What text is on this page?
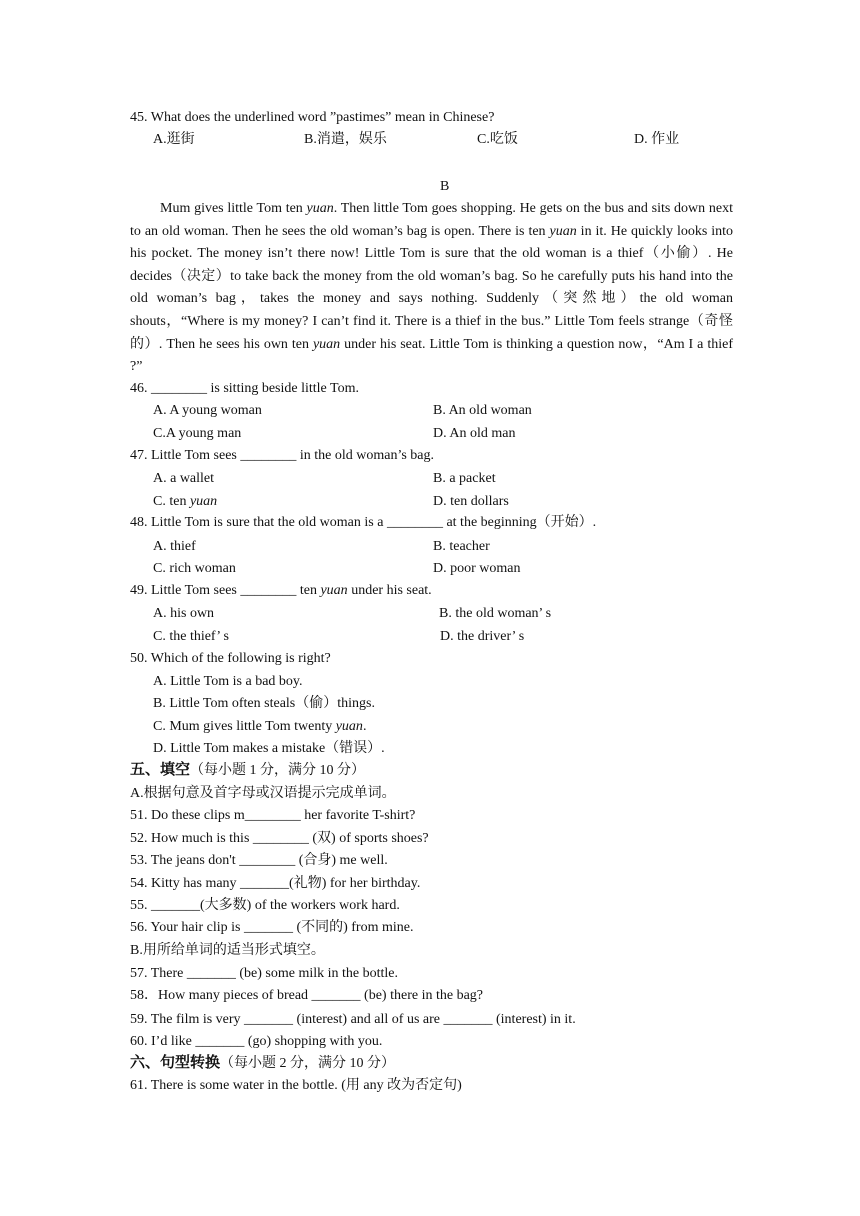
45. What does the underlined word ”pastimes” mean in Chinese?
A.逛街	B.消遣，娱乐	C.吃饭	D. 作业
B
Mum gives little Tom ten yuan. Then little Tom goes shopping. He gets on the bus and sits down next to an old woman. Then he sees the old woman’s bag is open. There is ten yuan in it. He quickly looks into his pocket. The money isn’t there now! Little Tom is sure that the old woman is a thief（小偷）. He decides（决定）to take back the money from the old woman’s bag. So he carefully puts his hand into the old woman’s bag，takes the money and says nothing. Suddenly（突然地）the old woman shouts，“Where is my money? I can’t find it. There is a thief in the bus.” Little Tom feels strange（奇怪的）. Then he sees his own ten yuan under his seat. Little Tom is thinking a question now，“Am I a thief ?”
46. ________ is sitting beside little Tom.
A. A young woman	B. An old woman
C.A young man	D. An old man
47. Little Tom sees ________ in the old woman’s bag.
A. a wallet	B. a packet
C. ten yuan	D. ten dollars
48. Little Tom is sure that the old woman is a ________ at the beginning（开始）.
A. thief	B. teacher
C. rich woman	D. poor woman
49. Little Tom sees ________ ten yuan under his seat.
A. his own	B. the old woman’ s
C. the thief’ s	D. the driver’ s
50. Which of the following is right?
A. Little Tom is a bad boy.
B. Little Tom often steals（偷）things.
C. Mum gives little Tom twenty yuan.
D. Little Tom makes a mistake（错误）.
五、填空（每小题 1 分，满分 10 分）
A.根据句意及首字母或汉语提示完成单词。
51. Do these clips m________ her favorite T-shirt?
52. How much is this ________ (双) of sports shoes?
53. The jeans don't ________ (合身) me well.
54. Kitty has many _______(礼物) for her birthday.
55. _______(大多数) of the workers work hard.
56. Your hair clip is _______ (不同的) from mine.
B.用所给单词的适当形式填空。
57. There _______ (be) some milk in the bottle.
58．How many pieces of bread _______ (be) there in the bag?
59. The film is very _______ (interest) and all of us are _______ (interest) in it.
60. I’d like _______ (go) shopping with you.
六、句型转换（每小题 2 分，满分 10 分）
61. There is some water in the bottle. (用 any 改为否定句)
